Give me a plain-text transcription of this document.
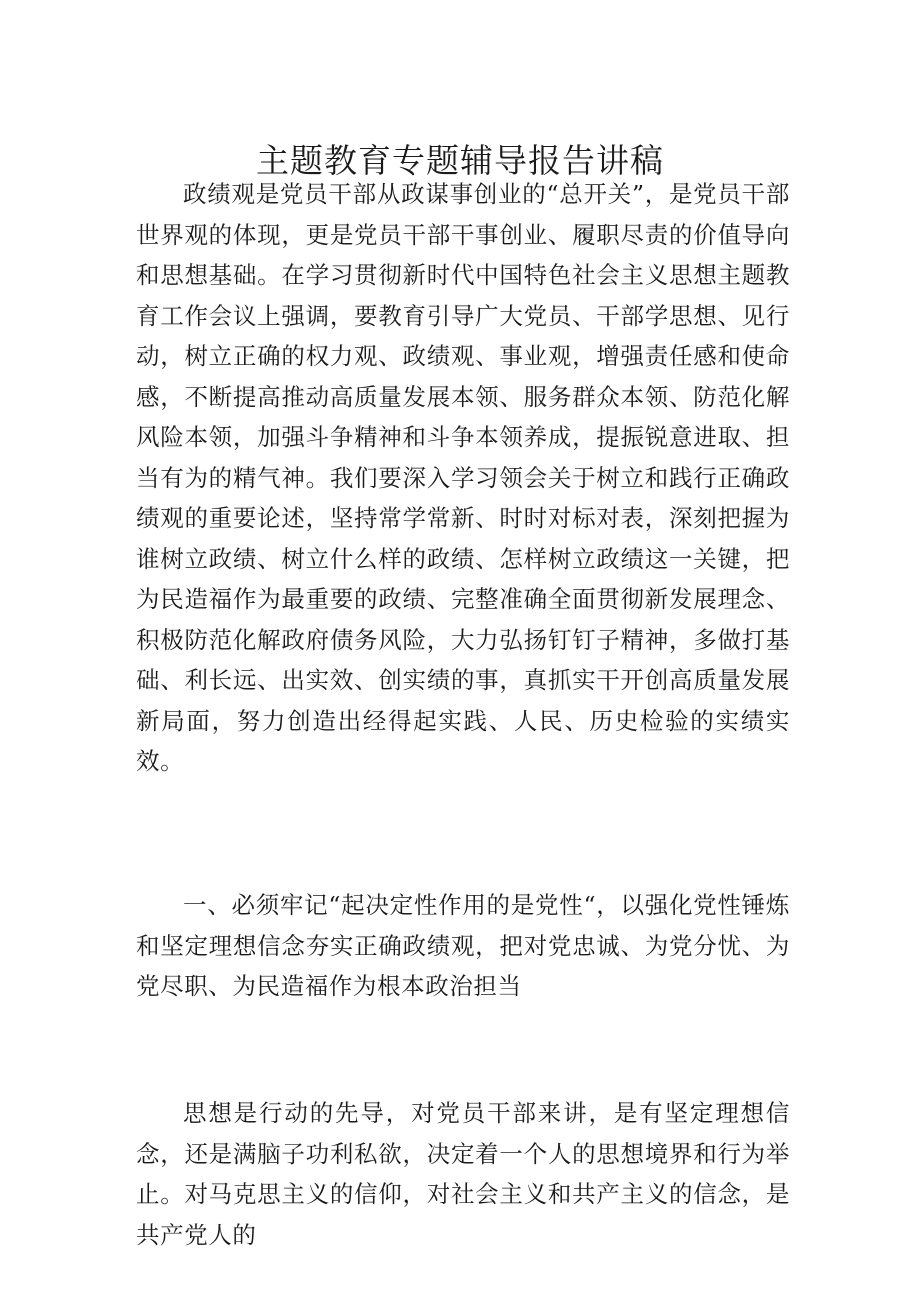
主题教育专题辅导报告讲稿

政绩观是党员干部从政谋事创业的“总开关”，是党员干部世界观的体现，更是党员干部干事创业、履职尽责的价值导向和思想基础。在学习贯彻新时代中国特色社会主义思想主题教育工作会议上强调，要教育引导广大党员、干部学思想、见行动，树立正确的权力观、政绩观、事业观，增强责任感和使命感，不断提高推动高质量发展本领、服务群众本领、防范化解风险本领，加强斗争精神和斗争本领养成，提振锐意进取、担当有为的精气神。我们要深入学习领会关于树立和践行正确政绩观的重要论述，坚持常学常新、时时对标对表，深刻把握为谁树立政绩、树立什么样的政绩、怎样树立政绩这一关键，把为民造福作为最重要的政绩、完整准确全面贯彻新发展理念、积极防范化解政府债务风险，大力弘扬钉钉子精神，多做打基础、利长远、出实效、创实绩的事，真抓实干开创高质量发展新局面，努力创造出经得起实践、人民、历史检验的实绩实效。

一、必须牢记“起决定性作用的是党性“，以强化党性锤炼和坚定理想信念夯实正确政绩观，把对党忠诚、为党分忧、为党尽职、为民造福作为根本政治担当

思想是行动的先导，对党员干部来讲，是有坚定理想信念，还是满脑子功利私欲，决定着一个人的思想境界和行为举止。对马克思主义的信仰，对社会主义和共产主义的信念，是共产党人的
